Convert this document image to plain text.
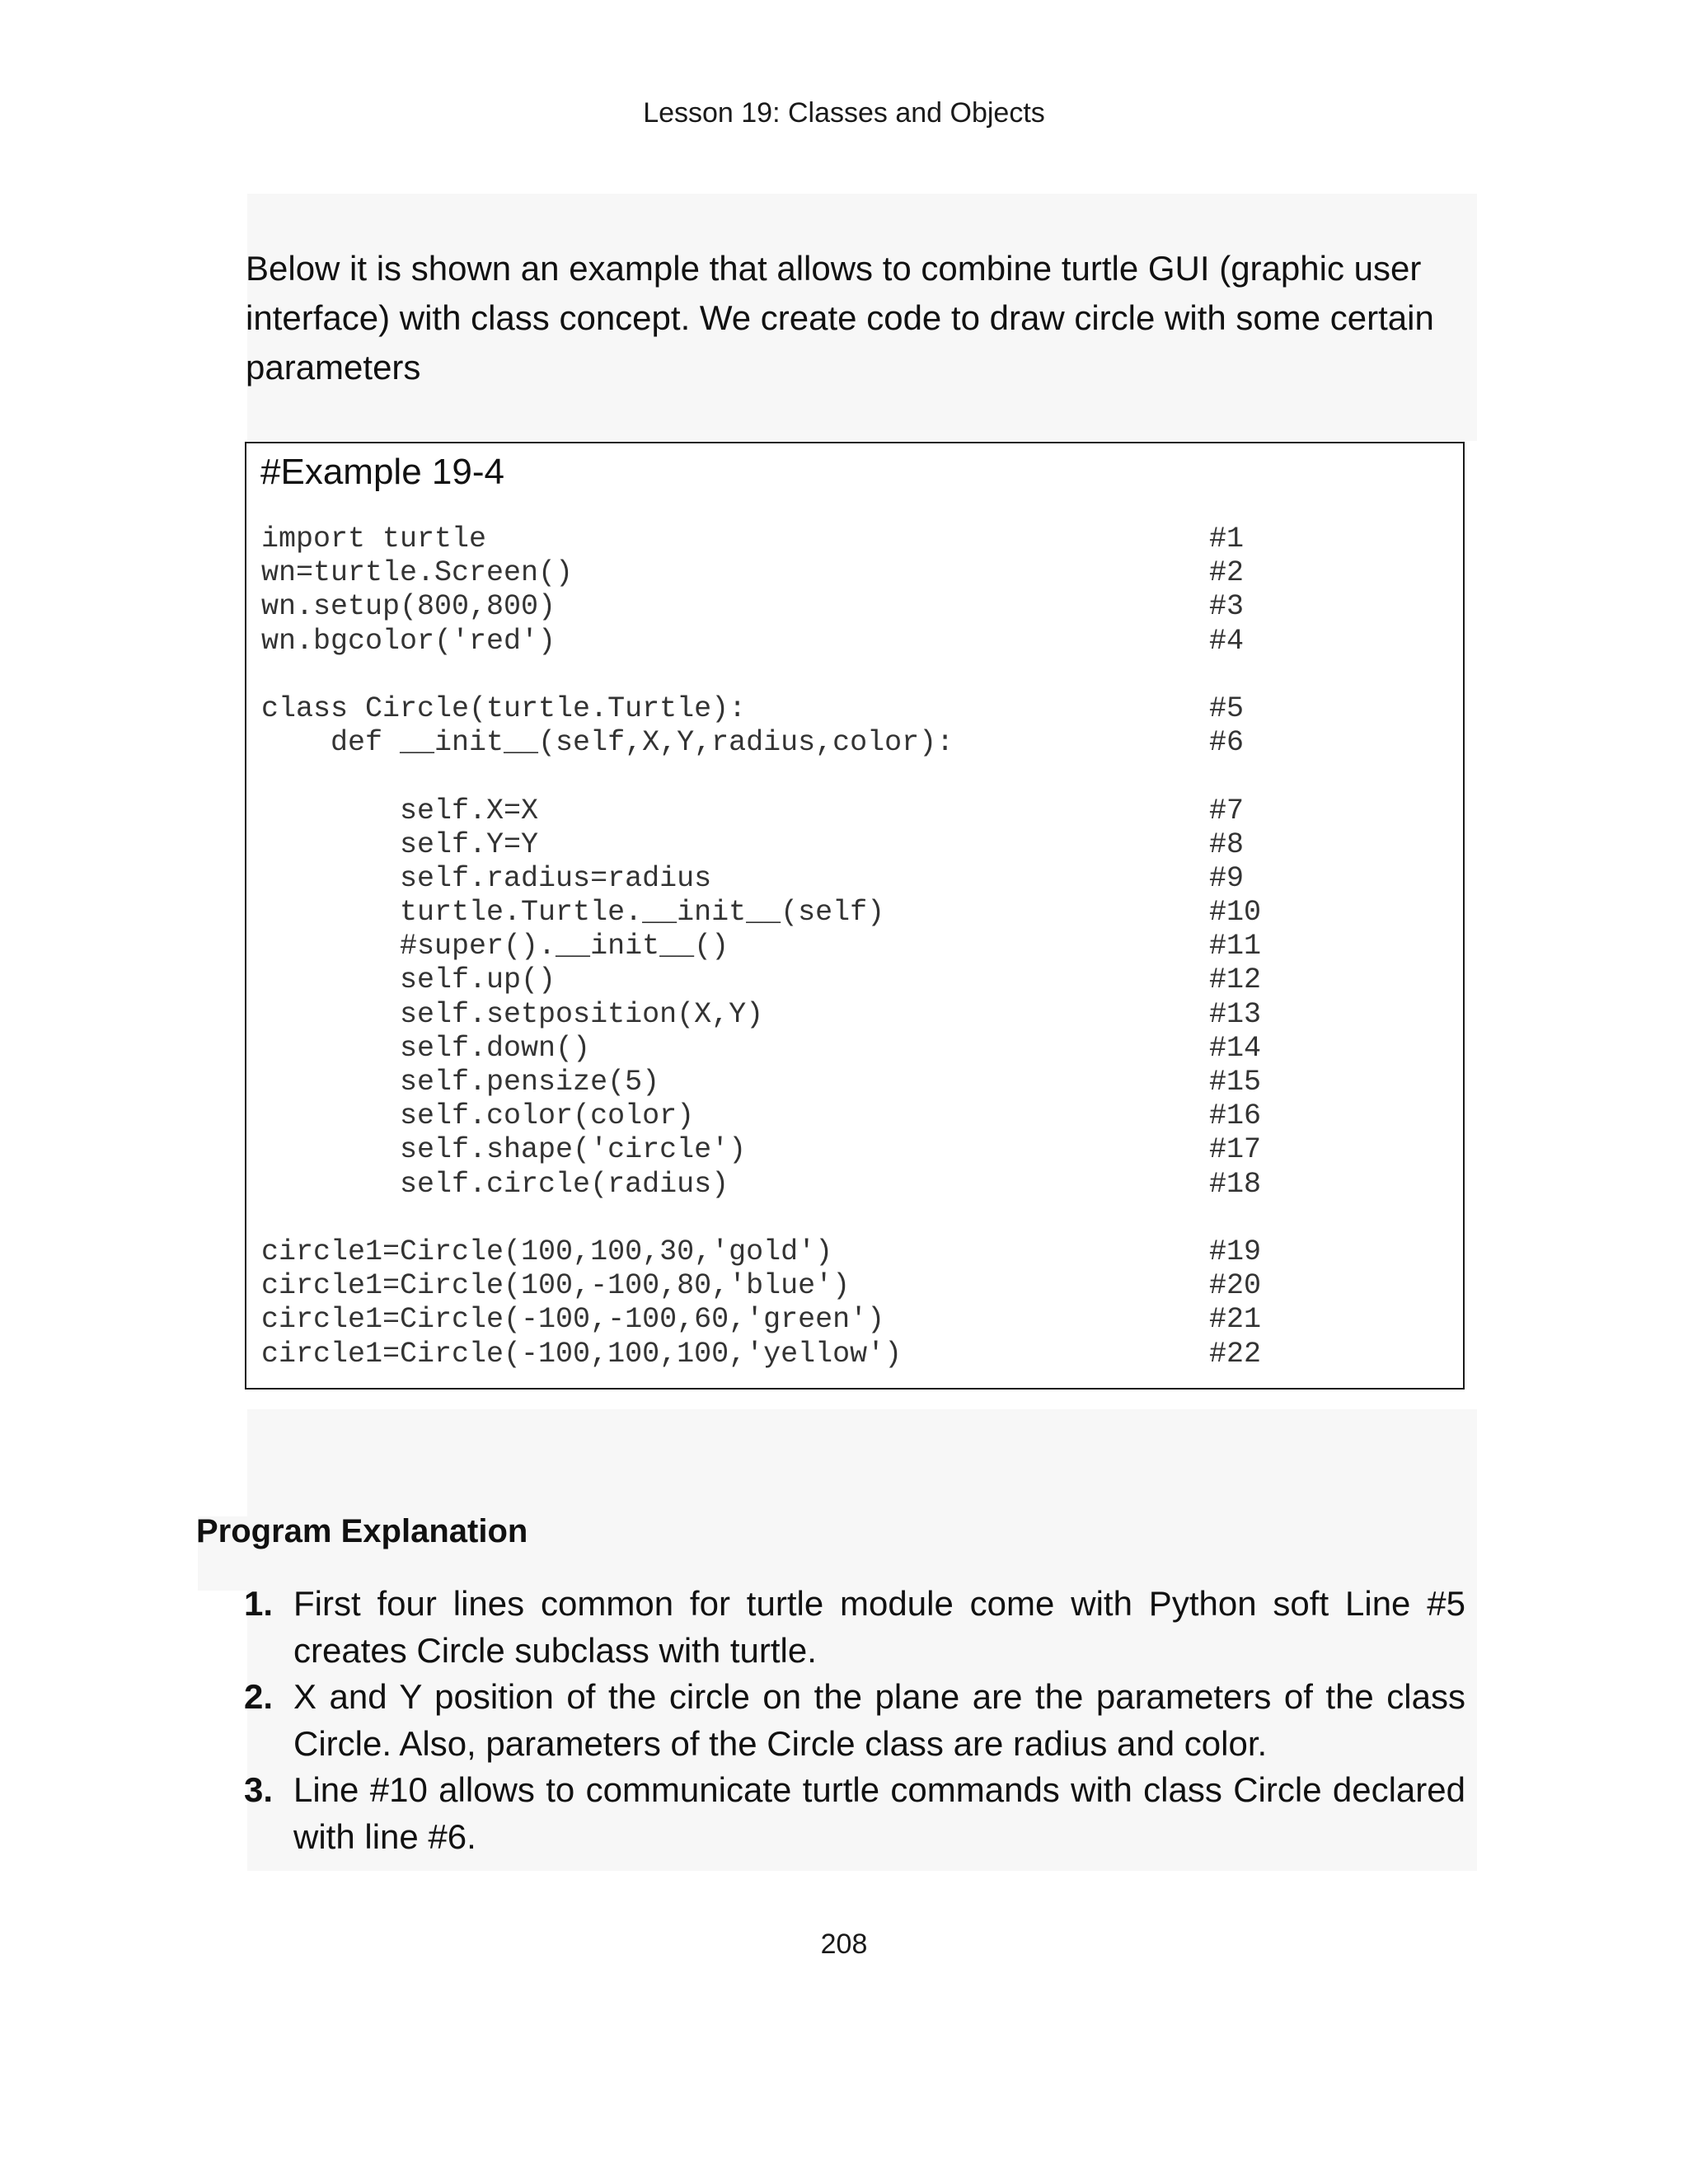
Lesson 19: Classes and Objects

Below it is shown an example that allows to combine turtle GUI (graphic user interface) with class concept. We create code to draw circle with some certain parameters

#Example 19-4
import turtle	#1
wn=turtle.Screen()	#2
wn.setup(800,800)	#3
wn.bgcolor('red')	#4
class Circle(turtle.Turtle):	#5
def __init__(self,X,Y,radius,color):	#6
self.X=X	#7
self.Y=Y	#8
self.radius=radius	#9
turtle.Turtle.__init__(self)	#10
#super().__init__()	#11
self.up()	#12
self.setposition(X,Y)	#13
self.down()	#14
self.pensize(5)	#15
self.color(color)	#16
self.shape('circle')	#17
self.circle(radius)	#18
circle1=Circle(100,100,30,'gold')	#19
circle1=Circle(100,-100,80,'blue')	#20
circle1=Circle(-100,-100,60,'green')	#21
circle1=Circle(-100,100,100,'yellow')	#22
Program Explanation
1. First four lines common for turtle module come with Python soft Line #5 creates Circle subclass with turtle.
2. X and Y position of the circle on the plane are the parameters of the class Circle. Also, parameters of the Circle class are radius and color.
3. Line #10 allows to communicate turtle commands with class Circle declared with line #6.
208
